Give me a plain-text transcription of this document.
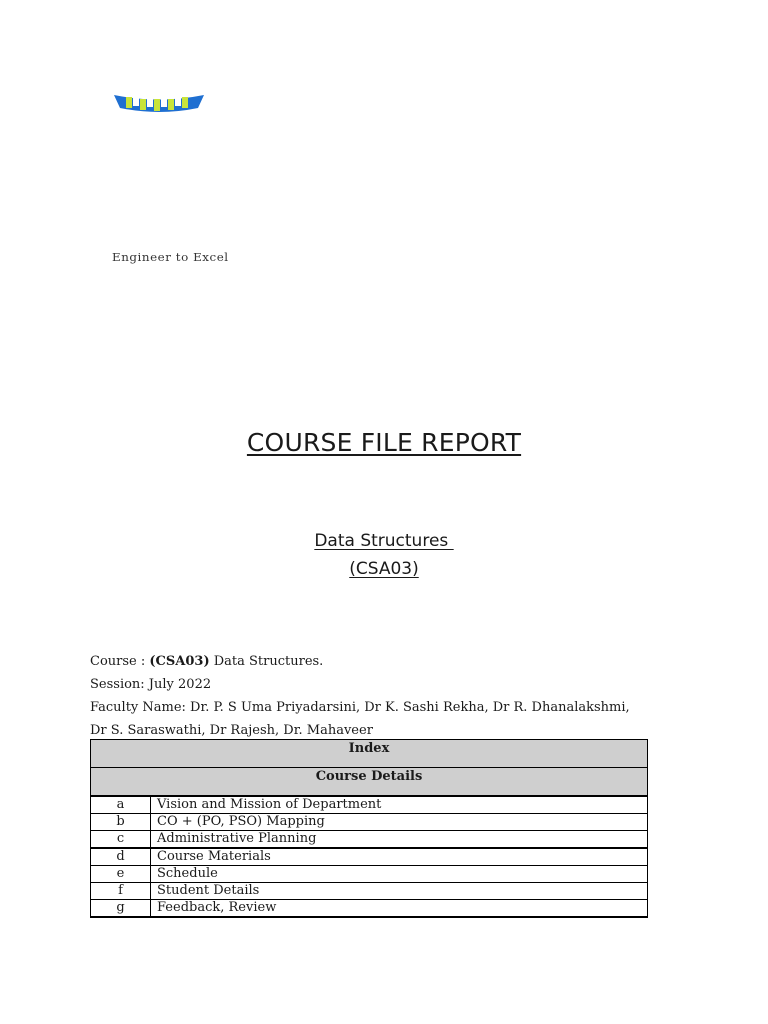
Engineer to Excel
COURSE FILE REPORT
Data Structures
(CSA03)

Course : (CSA03) Data Structures.

Session: July 2022

Faculty Name: Dr. P. S Uma Priyadarsini, Dr K. Sashi Rekha, Dr R. Dhanalakshmi, Dr S. Saraswathi, Dr Rajesh, Dr. Mahaveer

Index	
Course Details	
a	Vision and Mission of Department
b	CO + (PO, PSO) Mapping
c	Administrative Planning
d	Course Materials
e	Schedule
f	Student Details
g	Feedback, Review
